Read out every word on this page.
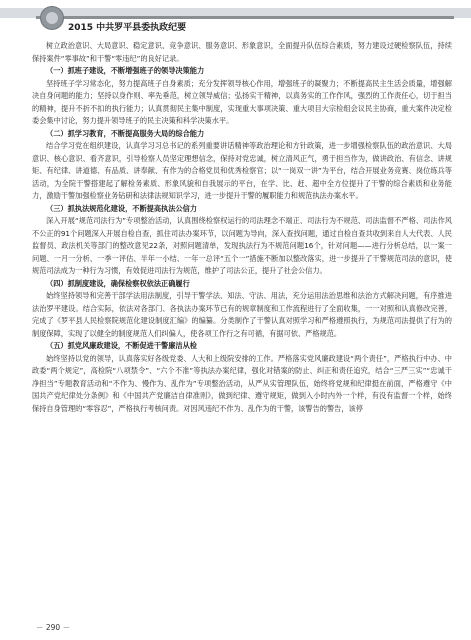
2015 中共罗平县委执政纪要

树立政治意识、大局意识、稳定意识、竞争意识、服务意识、形象意识，全面提升队伍综合素质，努力建设过硬检察队伍，持续保持案件“零事故”和干警“零违纪”的良好记录。

（一）抓班子建设，不断增强班子的领导决策能力

坚持班子学习常态化，努力提高班子自身素质；充分发挥领导核心作用，增强班子的凝聚力；不断提高民主生活会质量，增强解决自身问题的能力；坚持以身作则、率先垂范，树立领导威信；弘扬实干精神，以真务实的工作作风，强烈的工作责任心，切于担当的精神，提升不折不扣的执行能力；认真贯彻民主集中制度，实现重大事项决策、重大项目大宗检组会议民主协商，重大案件决定检委会集中讨论，努力提升领导班子的民主决策和科学决策水平。

（二）抓学习教育，不断提高服务大局的综合能力

结合学习党在组织建设，认真学习习总书记的系列重要讲话精神等政治理论和方针政策，进一步增强检察队伍的政治意识、大局意识、核心意识、看齐意识，引导检察人员坚定理想信念，保持对党忠诚，树立清风正气，勇于担当作为，做讲政治、有信念、讲规矩、有纪律、讲道德、有品质、讲奉献、有作为的合格党员和优秀检察官；以“一岗双一讲”为平台，结合开展业务竞赛、岗位练兵等活动，为全院干警搭建起了解检务素质、形象风貌和自我展示的平台，在学、比、赶、超中全方位提升了干警的综合素质和业务能力，激励干警加强检察业务钻研和法律法规知识学习，进一步提升干警的履职能力和规范执法办案水平。

（三）抓执法规范化建设，不断提高执法公信力

深入开展“规范司法行为”专项整治活动，认真围绕检察权运行的司法理念不端正、司法行为不规范、司法监督不严格、司法作风不公正的91个问题深入开展自检自查，抓住司法办案环节，以问题为导向，深入查找问题，通过自检自查共收到来自人大代表、人民监督员、政法机关等部门的整改意见22条，对照问题清单，发现执法行为不规范问题16个，针对问题——进行分析总结，以一案一问题、一月一分析、一季一评估、半年一小结、一年一总评“五个一”措施不断加以整改落实，进一步提升了干警规范司法的意识，使规范司法成为一种行为习惯，有效促进司法行为规范，维护了司法公正，提升了社会公信力。

（四）抓制度建设，确保检察权依法正确履行

始终坚持领导和完善干部学法用法制度，引导干警学法、知法、守法、用法，充分运用法治思维和法治方式解决问题，有序推进法治罗平建设。结合实际，依法对各部门、各执法办案环节已有的规章制度和工作流程进行了全面收集，一一对照和认真修改完善，完成了《罗平县人民检察院规范化建设制度汇编》的编纂。分类制作了干警认真对照学习和严格遵照执行，为规范司法提供了行为的制度保障，实现了以健全的制度规范人们纠偏人，使各项工作行之有可循，有据可依、严格规范。

（五）抓党风廉政建设，不断促进干警廉洁从检

始终坚持以党的领导，认真落实好各级党委、人大和上级院安排的工作。严格落实党风廉政建设“两个责任”，严格执行中办、中政委“两个规定”，高检院“八项禁令”、“六个不准”等执法办案纪律，强化对错案的防止、纠正和责任追究，结合“三严三实”“忠诚干净担当”专题教育活动和“不作为、慢作为、乱作为”专项整治活动，从严从实管理队伍，始终将党规和纪律挺在前面，严格遵守《中国共产党纪律处分条例》和《中国共产党廉洁自律准则》，做到纪律、遵守规矩，做到入小时内外一个样，有没有监督一个样，始终保持自身管理的“零容忍”，严格执行考核问责。对因风违纪不作为、乱作为的干警，该警告的警告，该停

－ 290 －
